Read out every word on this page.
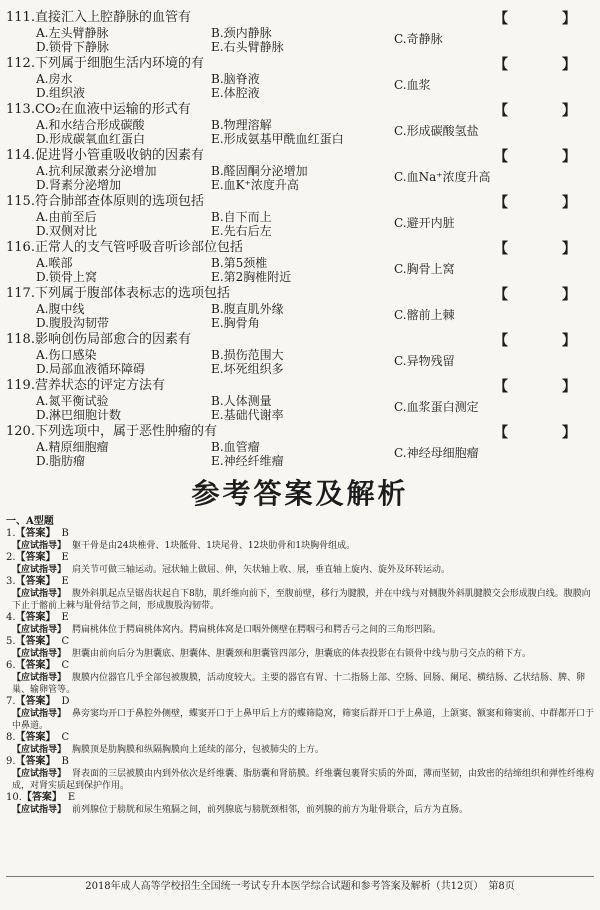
111.直接汇入上腔静脉的血管有	【　】
A.左头臂静脉	B.颈内静脉	C.奇静脉
D.锁骨下静脉	E.右头臂静脉
112.下列属于细胞生活内环境的有	【　】
A.房水	B.脑脊液	C.血浆
D.组织液	E.体腔液
113.CO₂在血液中运输的形式有	【　】
A.和水结合形成碳酸	B.物理溶解	C.形成碳酸氢盐
D.形成碳氧血红蛋白	E.形成氨基甲酰血红蛋白
114.促进肾小管重吸收钠的因素有	【　】
A.抗利尿激素分泌增加	B.醛固酮分泌增加	C.血Na⁺浓度升高
D.肾素分泌增加	E.血K⁺浓度升高
115.符合肺部查体原则的选项包括	【　】
A.由前至后	B.自下而上	C.避开内脏
D.双侧对比	E.先右后左
116.正常人的支气管呼吸音听诊部位包括	【　】
A.喉部	B.第5颈椎	C.胸骨上窝
D.锁骨上窝	E.第2胸椎附近
117.下列属于腹部体表标志的选项包括	【　】
A.腹中线	B.腹直肌外缘	C.髂前上棘
D.腹股沟韧带	E.胸骨角
118.影响创伤局部愈合的因素有	【　】
A.伤口感染	B.损伤范围大	C.异物残留
D.局部血液循环障碍	E.坏死组织多
119.营养状态的评定方法有	【　】
A.氮平衡试验	B.人体测量	C.血浆蛋白测定
D.淋巴细胞计数	E.基础代谢率
120.下列选项中，属于恶性肿瘤的有	【　】
A.精原细胞瘤	B.血管瘤	C.神经母细胞瘤
D.脂肪瘤	E.神经纤维瘤
参考答案及解析
一、A型题
1.【答案】 B
【应试指导】 躯干骨是由24块椎骨、1块骶骨、1块尾骨、12块肋骨和1块胸骨组成。
2.【答案】 E
【应试指导】 肩关节可做三轴运动。冠状轴上做屈、伸，矢状轴上收、展，垂直轴上旋内、旋外及环转运动。
3.【答案】 E
【应试指导】 腹外斜肌起点呈锯齿状起自下8肋，肌纤维向前下，至腹前壁，移行为腱膜，并在中线与对侧腹外斜肌腱膜交会形成腹白线。腹膜向下止于髂前上棘与耻骨结节之间，形成腹股沟韧带。
4.【答案】 E
【应试指导】 腭扁桃体位于腭扁桃体窝内。腭扁桃体窝是口咽外侧壁在腭咽弓和腭舌弓之间的三角形凹陷。
5.【答案】 C
【应试指导】 胆囊由前向后分为胆囊底、胆囊体、胆囊颈和胆囊管四部分，胆囊底的体表投影在右锁骨中线与肋弓交点的稍下方。
6.【答案】 C
【应试指导】 腹膜内位器官几乎全部包被腹膜，活动度较大。主要的器官有胃、十二指肠上部、空肠、回肠、阑尾、横结肠、乙状结肠、脾、卵巢、输卵管等。
7.【答案】 D
【应试指导】 鼻旁窦均开口于鼻腔外侧壁，蝶窦开口于上鼻甲后上方的蝶筛隐窝，筛窦后群开口于上鼻道，上颌窦、额窦和筛窦前、中群都开口于中鼻道。
8.【答案】 C
【应试指导】 胸膜顶是肋胸膜和纵隔胸膜向上延续的部分，包被肺尖的上方。
9.【答案】 B
【应试指导】 肾表面的三层被膜由内到外依次是纤维囊、脂肪囊和肾筋膜。纤维囊包裹肾实质的外面，薄而坚韧，由致密的结缔组织和弹性纤维构成，对肾实质起到保护作用。
10.【答案】 E
【应试指导】 前列腺位于膀胱和尿生殖膈之间，前列腺底与膀胱颈相邻，前列腺的前方为耻骨联合，后方为直肠。
2018年成人高等学校招生全国统一考试专升本医学综合试题和参考答案及解析（共12页）　第8页
